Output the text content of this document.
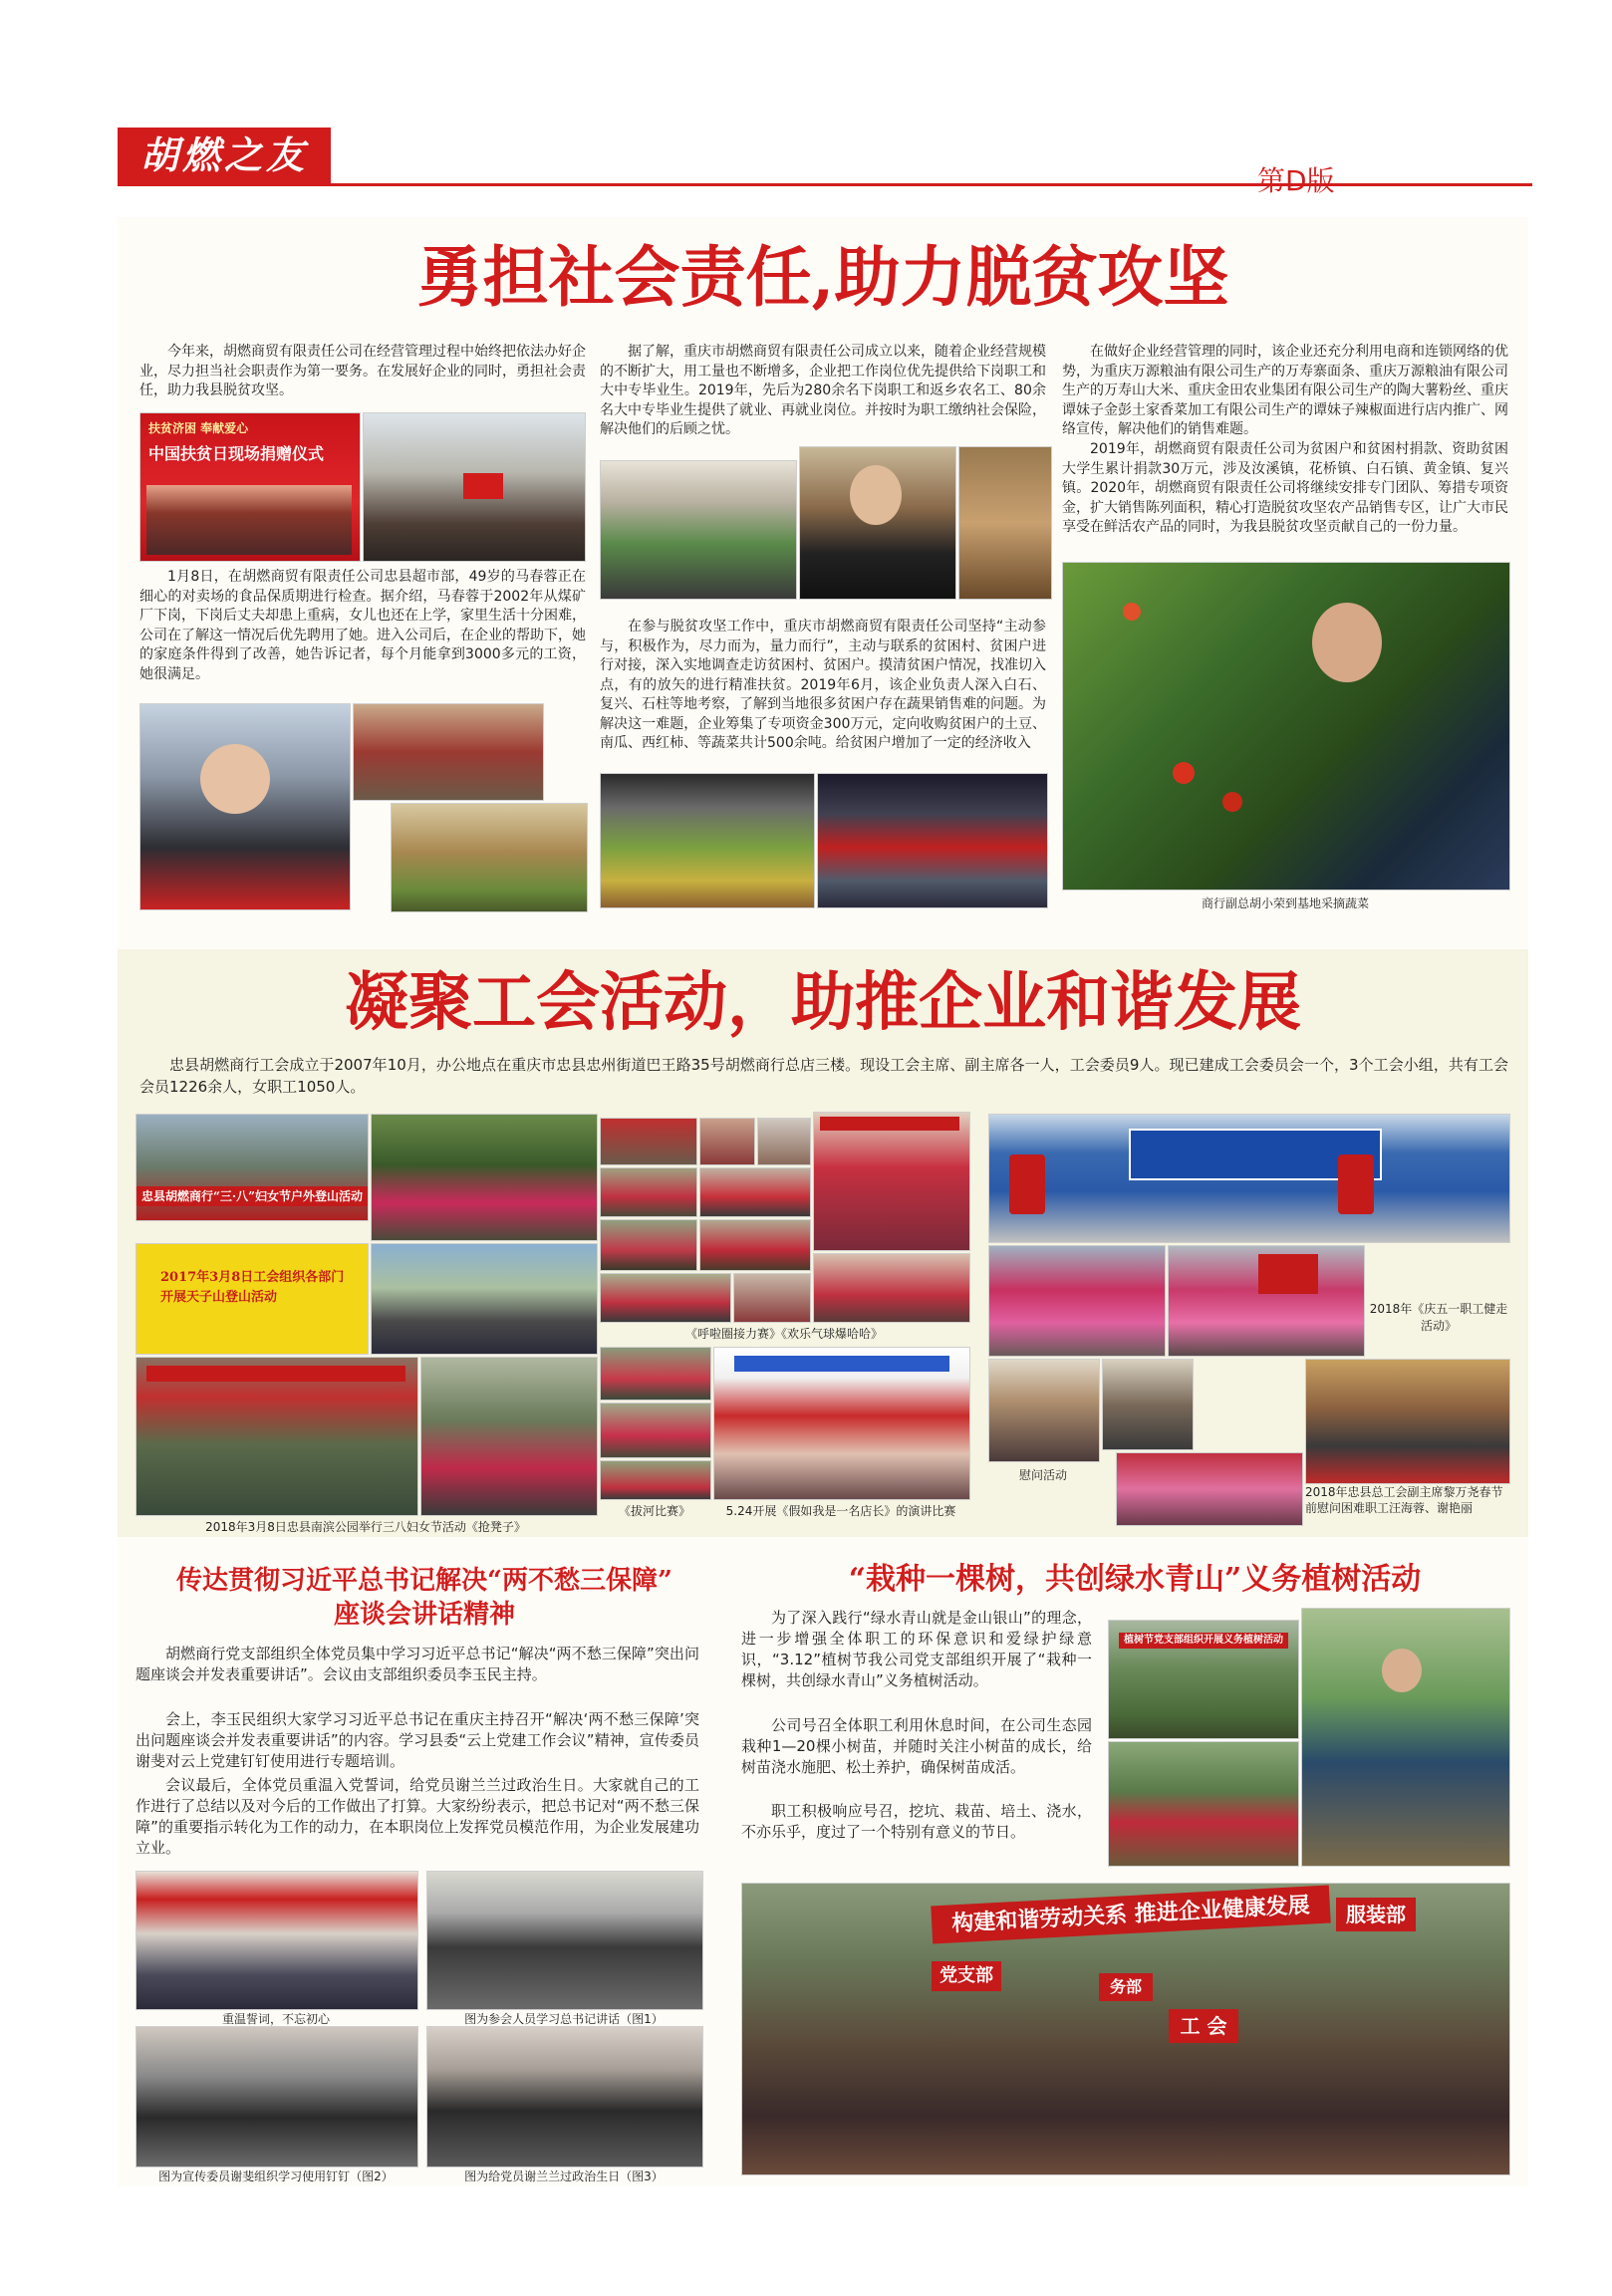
胡燃之友
第D版
勇担社会责任,助力脱贫攻坚

今年来，胡燃商贸有限责任公司在经营管理过程中始终把依法办好企业，尽力担当社会职责作为第一要务。在发展好企业的同时，勇担社会责任，助力我县脱贫攻坚。

扶贫济困 奉献爱心
中国扶贫日现场捐赠仪式

1月8日，在胡燃商贸有限责任公司忠县超市部，49岁的马春蓉正在细心的对卖场的食品保质期进行检查。据介绍，马春蓉于2002年从煤矿厂下岗，下岗后丈夫却患上重病，女儿也还在上学，家里生活十分困难，公司在了解这一情况后优先聘用了她。进入公司后，在企业的帮助下，她的家庭条件得到了改善，她告诉记者，每个月能拿到3000多元的工资，她很满足。

据了解，重庆市胡燃商贸有限责任公司成立以来，随着企业经营规模的不断扩大，用工量也不断增多，企业把工作岗位优先提供给下岗职工和大中专毕业生。2019年，先后为280余名下岗职工和返乡农名工、80余名大中专毕业生提供了就业、再就业岗位。并按时为职工缴纳社会保险，解决他们的后顾之忧。

在参与脱贫攻坚工作中，重庆市胡燃商贸有限责任公司坚持“主动参与，积极作为，尽力而为，量力而行”，主动与联系的贫困村、贫困户进行对接，深入实地调查走访贫困村、贫困户。摸清贫困户情况，找准切入点，有的放矢的进行精准扶贫。2019年6月，该企业负责人深入白石、复兴、石柱等地考察，了解到当地很多贫困户存在蔬果销售难的问题。为解决这一难题，企业筹集了专项资金300万元，定向收购贫困户的土豆、南瓜、西红柿、等蔬菜共计500余吨。给贫困户增加了一定的经济收入

在做好企业经营管理的同时，该企业还充分利用电商和连锁网络的优势，为重庆万源粮油有限公司生产的万寿寨面条、重庆万源粮油有限公司生产的万寿山大米、重庆金田农业集团有限公司生产的陶大薯粉丝、重庆谭妹子金彭土家香菜加工有限公司生产的谭妹子辣椒面进行店内推广、网络宣传，解决他们的销售难题。

2019年，胡燃商贸有限责任公司为贫困户和贫困村捐款、资助贫困大学生累计捐款30万元，涉及汝溪镇，花桥镇、白石镇、黄金镇、复兴镇。2020年，胡燃商贸有限责任公司将继续安排专门团队、筹措专项资金，扩大销售陈列面积，精心打造脱贫攻坚农产品销售专区，让广大市民享受在鲜活农产品的同时，为我县脱贫攻坚贡献自己的一份力量。

商行副总胡小荣到基地采摘蔬菜
凝聚工会活动，助推企业和谐发展

忠县胡燃商行工会成立于2007年10月，办公地点在重庆市忠县忠州街道巴王路35号胡燃商行总店三楼。现设工会主席、副主席各一人，工会委员9人。现已建成工会委员会一个，3个工会小组，共有工会会员1226余人，女职工1050人。

忠县胡燃商行“三·八”妇女节户外登山活动
2017年3月8日工会组织各部门开展天子山登山活动
2018年3月8日忠县南滨公园举行三八妇女节活动《抢凳子》
《呼啦圈接力赛》《欢乐气球爆哈哈》
《拔河比赛》	5.24开展《假如我是一名店长》的演讲比赛
2018年《庆五一职工健走活动》
慰问活动
2018年忠县总工会副主席黎万尧春节前慰问困难职工汪海蓉、谢艳丽
传达贯彻习近平总书记解决“两不愁三保障”
座谈会讲话精神

胡燃商行党支部组织全体党员集中学习习近平总书记“解决“两不愁三保障”突出问题座谈会并发表重要讲话”。会议由支部组织委员李玉民主持。

会上，李玉民组织大家学习习近平总书记在重庆主持召开“解决‘两不愁三保障’突出问题座谈会并发表重要讲话”的内容。学习县委“云上党建工作会议”精神，宣传委员谢斐对云上党建钉钉使用进行专题培训。

会议最后，全体党员重温入党誓词，给党员谢兰兰过政治生日。大家就自己的工作进行了总结以及对今后的工作做出了打算。大家纷纷表示，把总书记对“两不愁三保障”的重要指示转化为工作的动力，在本职岗位上发挥党员模范作用，为企业发展建功立业。

重温誓词，不忘初心	图为参会人员学习总书记讲话（图1）
图为宣传委员谢斐组织学习使用钉钉（图2）	图为给党员谢兰兰过政治生日（图3）
“栽种一棵树，共创绿水青山”义务植树活动

为了深入践行“绿水青山就是金山银山”的理念，进一步增强全体职工的环保意识和爱绿护绿意识，“3.12”植树节我公司党支部组织开展了“栽种一棵树，共创绿水青山”义务植树活动。

公司号召全体职工利用休息时间，在公司生态园栽种1—20棵小树苗，并随时关注小树苗的成长，给树苗浇水施肥、松土养护，确保树苗成活。

职工积极响应号召，挖坑、栽苗、培土、浇水，不亦乐乎，度过了一个特别有意义的节日。

植树节党支部组织开展义务植树活动
构建和谐劳动关系 推进企业健康发展	服装部
党支部
务部
工 会
